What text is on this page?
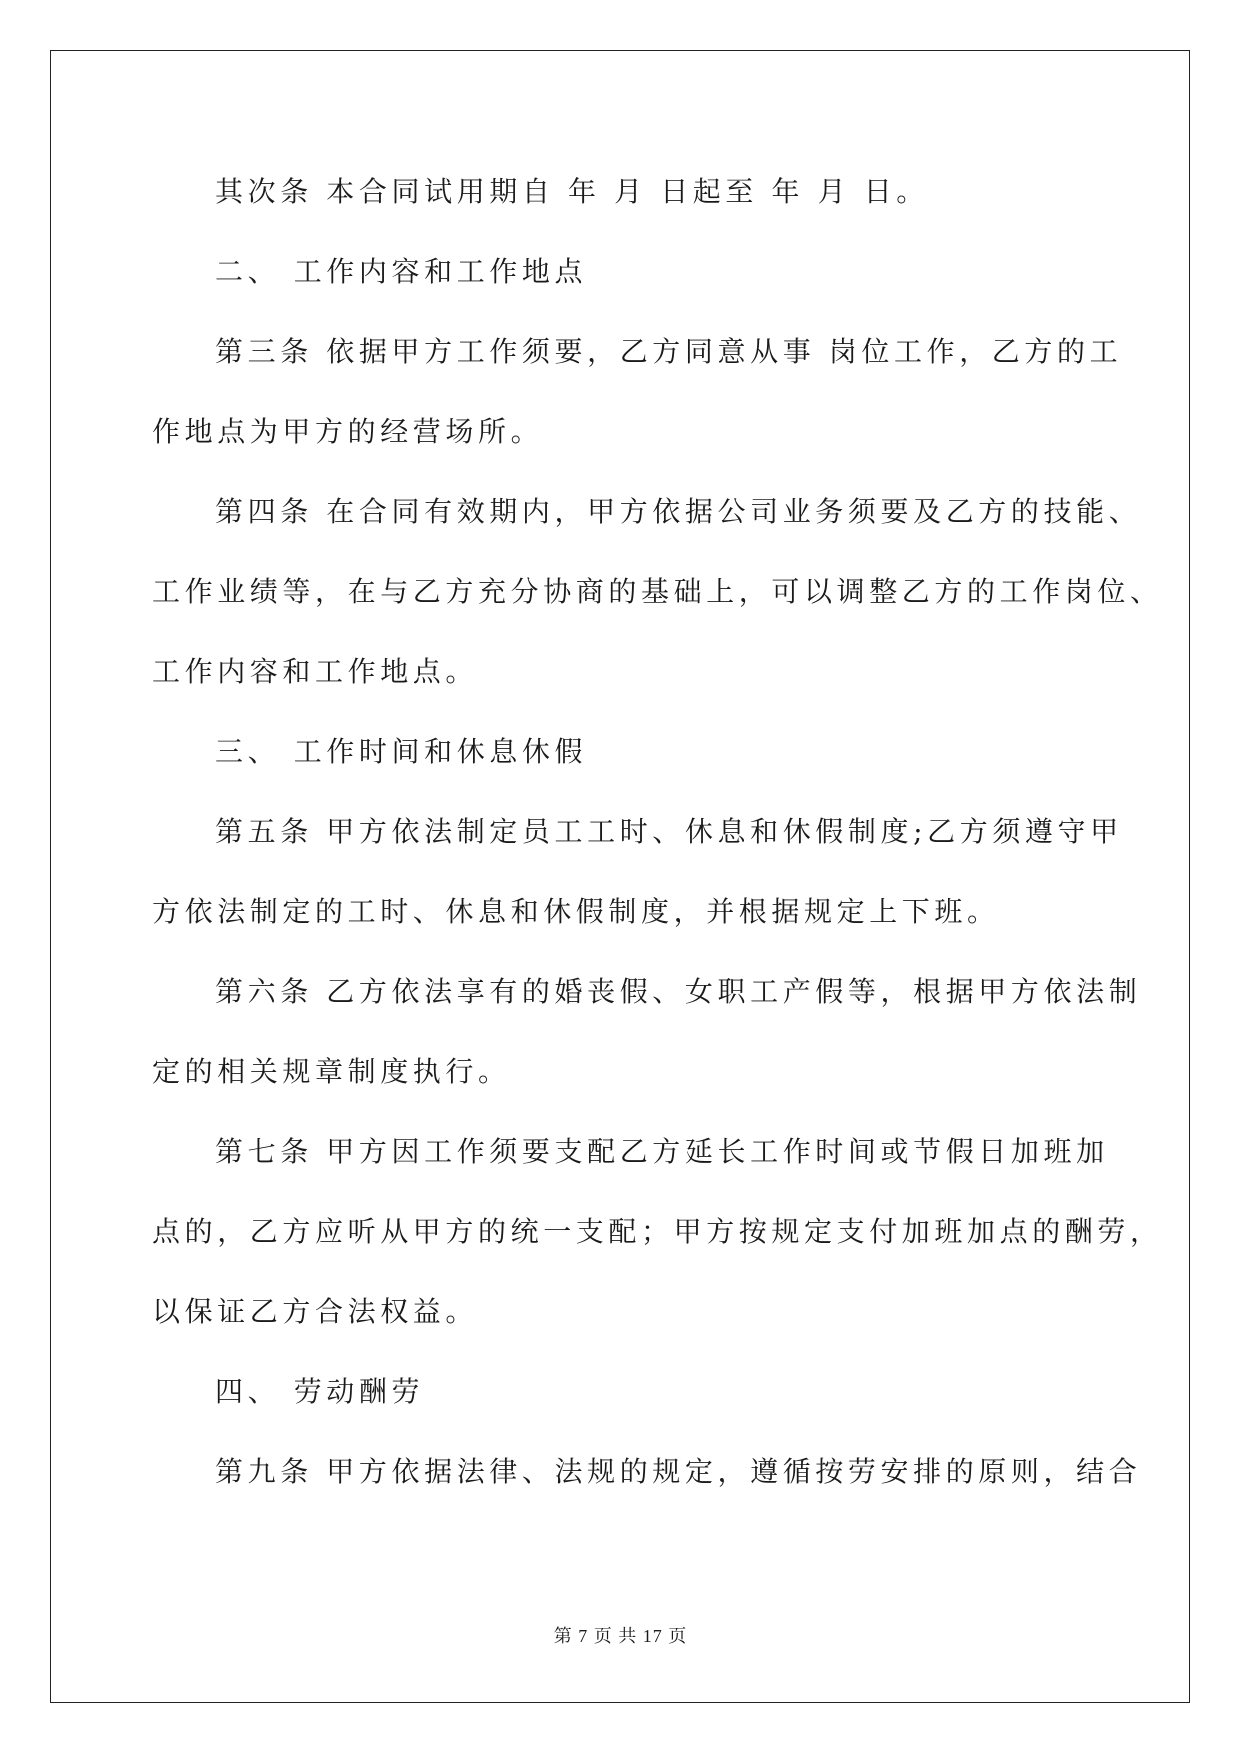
其次条 本合同试用期自 年 月 日起至 年 月 日。
二、 工作内容和工作地点
第三条 依据甲方工作须要，乙方同意从事 岗位工作，乙方的工
作地点为甲方的经营场所。
第四条 在合同有效期内，甲方依据公司业务须要及乙方的技能、
工作业绩等，在与乙方充分协商的基础上，可以调整乙方的工作岗位、
工作内容和工作地点。
三、 工作时间和休息休假
第五条 甲方依法制定员工工时、休息和休假制度;乙方须遵守甲
方依法制定的工时、休息和休假制度，并根据规定上下班。
第六条 乙方依法享有的婚丧假、女职工产假等，根据甲方依法制
定的相关规章制度执行。
第七条 甲方因工作须要支配乙方延长工作时间或节假日加班加
点的，乙方应听从甲方的统一支配；甲方按规定支付加班加点的酬劳，
以保证乙方合法权益。
四、 劳动酬劳
第九条 甲方依据法律、法规的规定，遵循按劳安排的原则，结合
第 7 页 共 17 页
